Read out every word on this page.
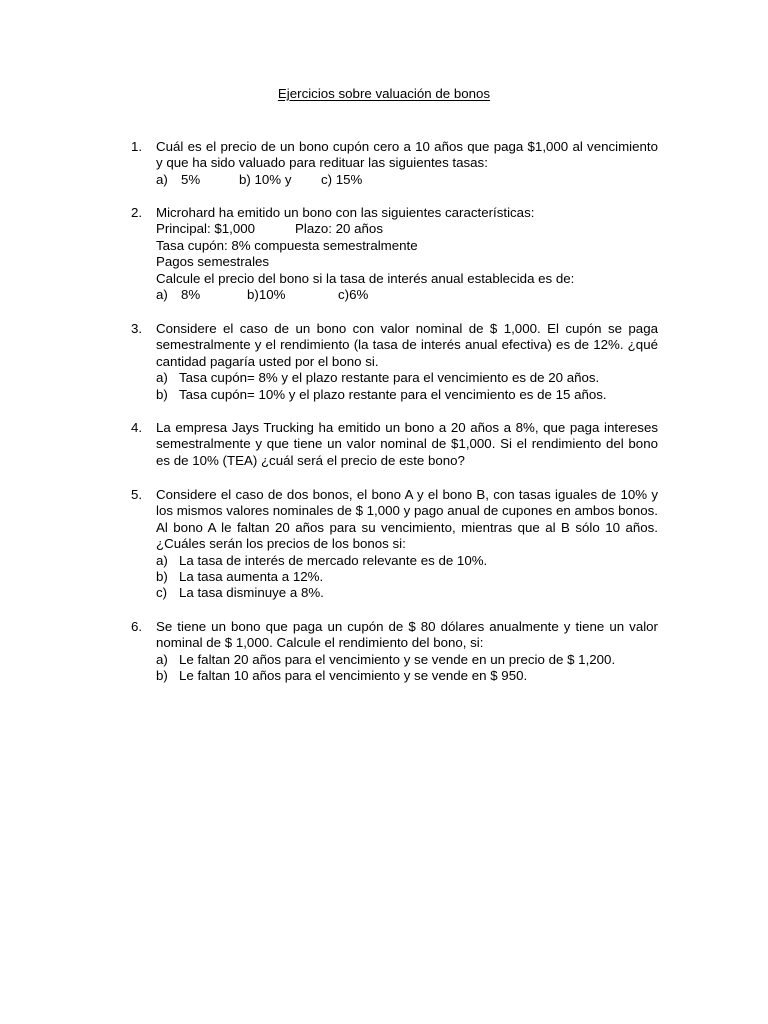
Ejercicios sobre valuación de bonos
1. Cuál es el precio de un bono cupón cero a 10 años que paga $1,000 al vencimiento y que ha sido valuado para redituar las siguientes tasas:
a) 5%	b) 10% y c) 15%
2. Microhard ha emitido un bono con las siguientes características:
Principal: $1,000	Plazo: 20 años
Tasa cupón: 8% compuesta semestralmente
Pagos semestrales
Calcule el precio del bono si la tasa de interés anual establecida es de:
a) 8%	b)10%	c)6%
3. Considere el caso de un bono con valor nominal de $ 1,000. El cupón se paga semestralmente y el rendimiento (la tasa de interés anual efectiva) es de 12%. ¿qué cantidad pagaría usted por el bono si.
a) Tasa cupón= 8% y el plazo restante para el vencimiento es de 20 años.
b) Tasa cupón= 10% y el plazo restante para el vencimiento es de 15 años.
4. La empresa Jays Trucking ha emitido un bono a 20 años a 8%, que paga intereses semestralmente y que tiene un valor nominal de $1,000. Si el rendimiento del bono es de 10% (TEA) ¿cuál será el precio de este bono?
5. Considere el caso de dos bonos, el bono A y el bono B, con tasas iguales de 10% y los mismos valores nominales de $ 1,000 y pago anual de cupones en ambos bonos. Al bono A le faltan 20 años para su vencimiento, mientras que al B sólo 10 años. ¿Cuáles serán los precios de los bonos si:
a) La tasa de interés de mercado relevante es de 10%.
b) La tasa aumenta a 12%.
c) La tasa disminuye a 8%.
6. Se tiene un bono que paga un cupón de $ 80 dólares anualmente y tiene un valor nominal de $ 1,000. Calcule el rendimiento del bono, si:
a) Le faltan 20 años para el vencimiento y se vende en un precio de $ 1,200.
b) Le faltan 10 años para el vencimiento y se vende en $ 950.
